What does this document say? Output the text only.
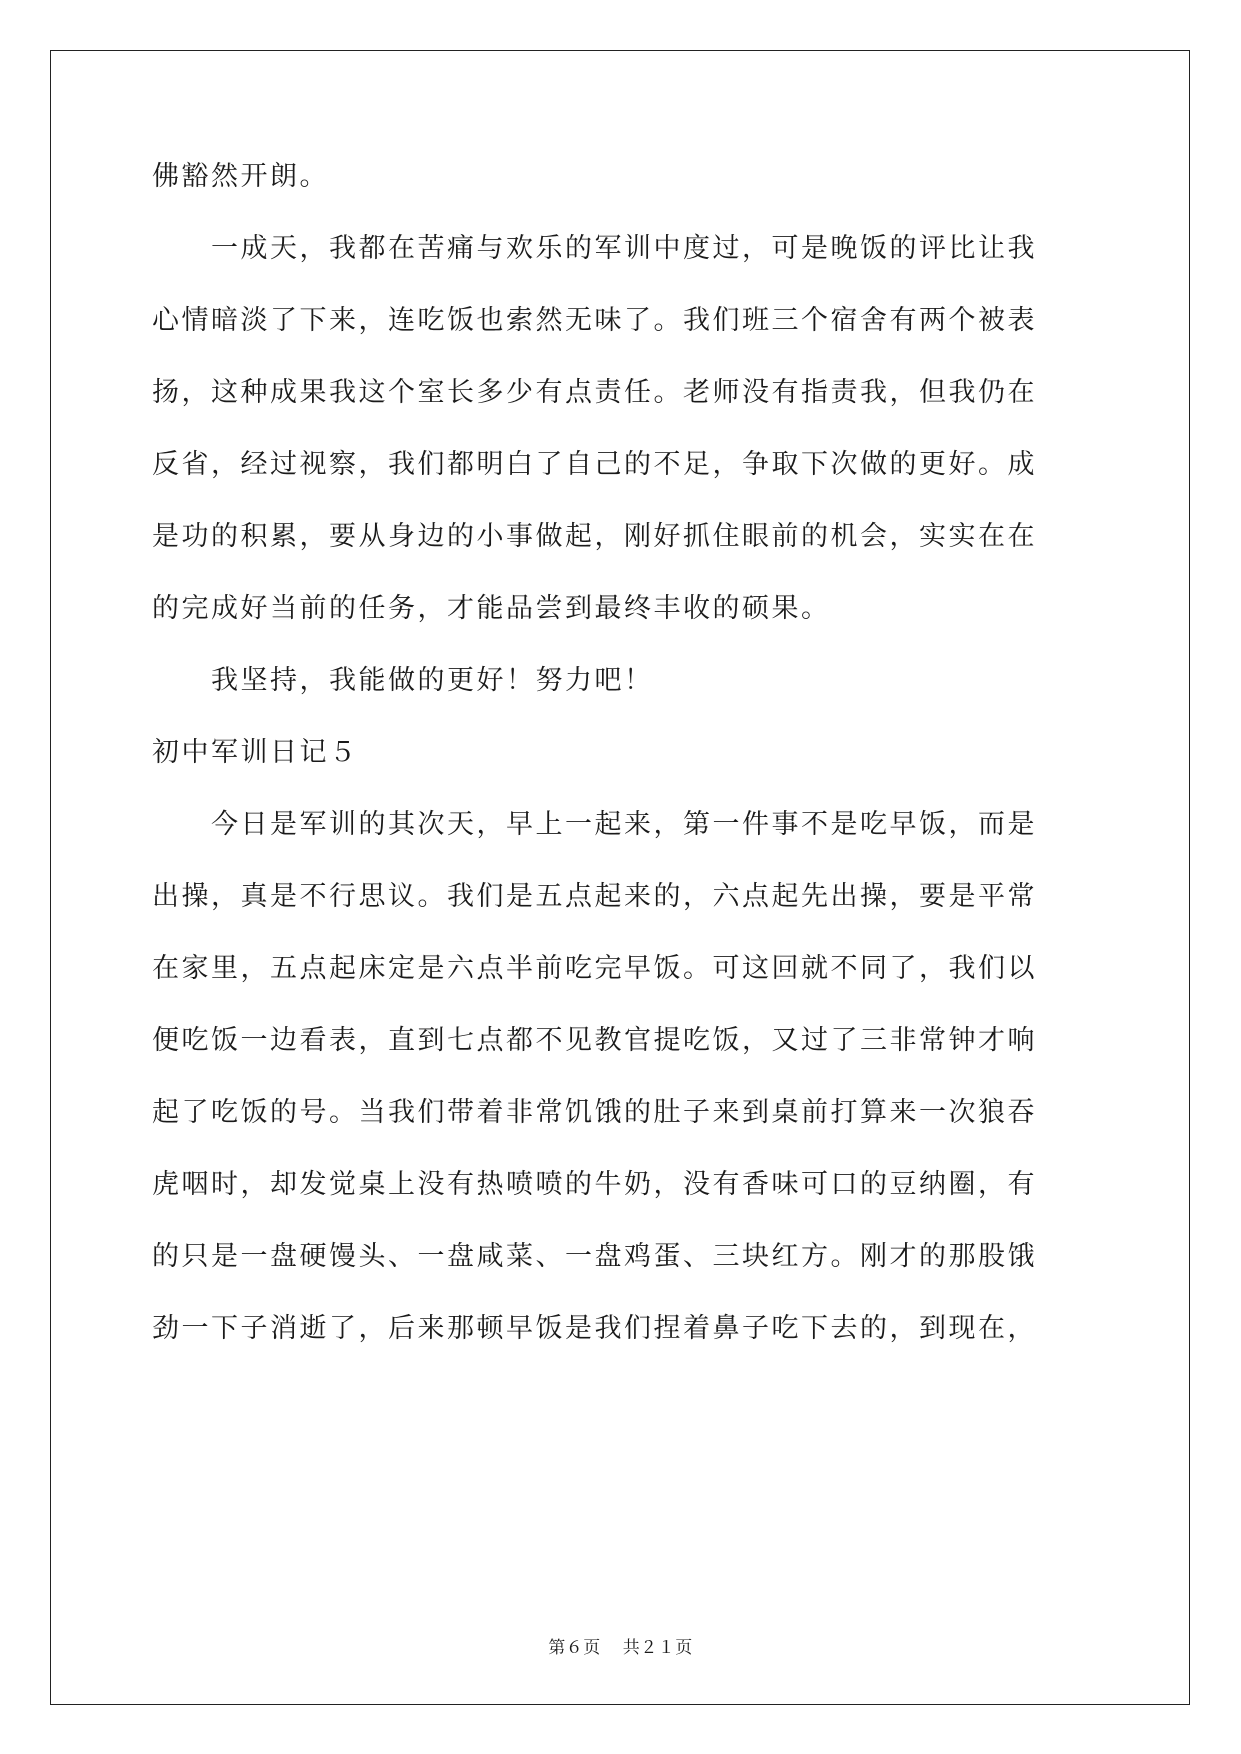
佛豁然开朗。
　　一成天，我都在苦痛与欢乐的军训中度过，可是晚饭的评比让我
心情暗淡了下来，连吃饭也索然无味了。我们班三个宿舍有两个被表
扬，这种成果我这个室长多少有点责任。老师没有指责我，但我仍在
反省，经过视察，我们都明白了自己的不足，争取下次做的更好。成
是功的积累，要从身边的小事做起，刚好抓住眼前的机会，实实在在
的完成好当前的任务，才能品尝到最终丰收的硕果。
　　我坚持，我能做的更好！努力吧！
初中军训日记５
　　今日是军训的其次天，早上一起来，第一件事不是吃早饭，而是
出操，真是不行思议。我们是五点起来的，六点起先出操，要是平常
在家里，五点起床定是六点半前吃完早饭。可这回就不同了，我们以
便吃饭一边看表，直到七点都不见教官提吃饭，又过了三非常钟才响
起了吃饭的号。当我们带着非常饥饿的肚子来到桌前打算来一次狼吞
虎咽时，却发觉桌上没有热喷喷的牛奶，没有香味可口的豆纳圈，有
的只是一盘硬馒头、一盘咸菜、一盘鸡蛋、三块红方。刚才的那股饿
劲一下子消逝了，后来那顿早饭是我们捏着鼻子吃下去的，到现在，
第６页 共２１页
